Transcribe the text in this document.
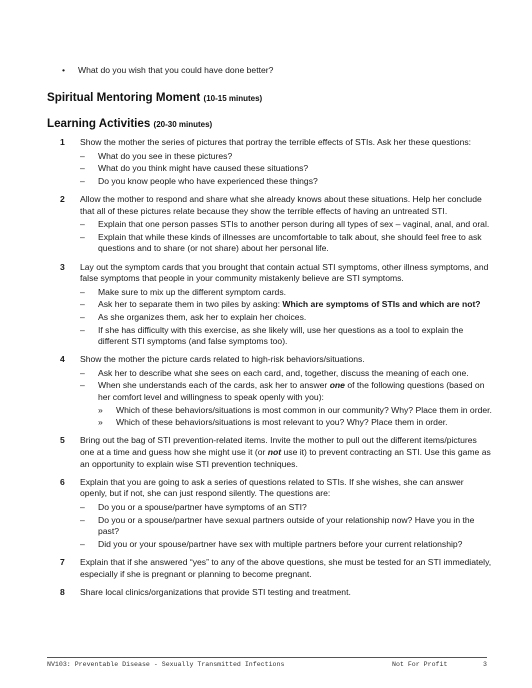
• What do you wish that you could have done better?
Spiritual Mentoring Moment (10-15 minutes)
Learning Activities (20-30 minutes)
1 Show the mother the series of pictures that portray the terrible effects of STIs. Ask her these questions:
– What do you see in these pictures?
– What do you think might have caused these situations?
– Do you know people who have experienced these things?
2 Allow the mother to respond and share what she already knows about these situations. Help her conclude that all of these pictures relate because they show the terrible effects of having an untreated STI.
– Explain that one person passes STIs to another person during all types of sex – vaginal, anal, and oral.
– Explain that while these kinds of illnesses are uncomfortable to talk about, she should feel free to ask questions and to share (or not share) about her personal life.
3 Lay out the symptom cards that you brought that contain actual STI symptoms, other illness symptoms, and false symptoms that people in your community mistakenly believe are STI symptoms.
– Make sure to mix up the different symptom cards.
– Ask her to separate them in two piles by asking: Which are symptoms of STIs and which are not?
– As she organizes them, ask her to explain her choices.
– If she has difficulty with this exercise, as she likely will, use her questions as a tool to explain the different STI symptoms (and false symptoms too).
4 Show the mother the picture cards related to high-risk behaviors/situations.
– Ask her to describe what she sees on each card, and, together, discuss the meaning of each one.
– When she understands each of the cards, ask her to answer one of the following questions (based on her comfort level and willingness to speak openly with you):
» Which of these behaviors/situations is most common in our community? Why? Place them in order.
» Which of these behaviors/situations is most relevant to you? Why? Place them in order.
5 Bring out the bag of STI prevention-related items. Invite the mother to pull out the different items/pictures one at a time and guess how she might use it (or not use it) to prevent contracting an STI. Use this game as an opportunity to explain wise STI prevention techniques.
6 Explain that you are going to ask a series of questions related to STIs. If she wishes, she can answer openly, but if not, she can just respond silently. The questions are:
– Do you or a spouse/partner have symptoms of an STI?
– Do you or a spouse/partner have sexual partners outside of your relationship now? Have you in the past?
– Did you or your spouse/partner have sex with multiple partners before your current relationship?
7 Explain that if she answered “yes” to any of the above questions, she must be tested for an STI immediately, especially if she is pregnant or planning to become pregnant.
8 Share local clinics/organizations that provide STI testing and treatment.
NV103: Preventable Disease - Sexually Transmitted Infections	Not For Profit	3
